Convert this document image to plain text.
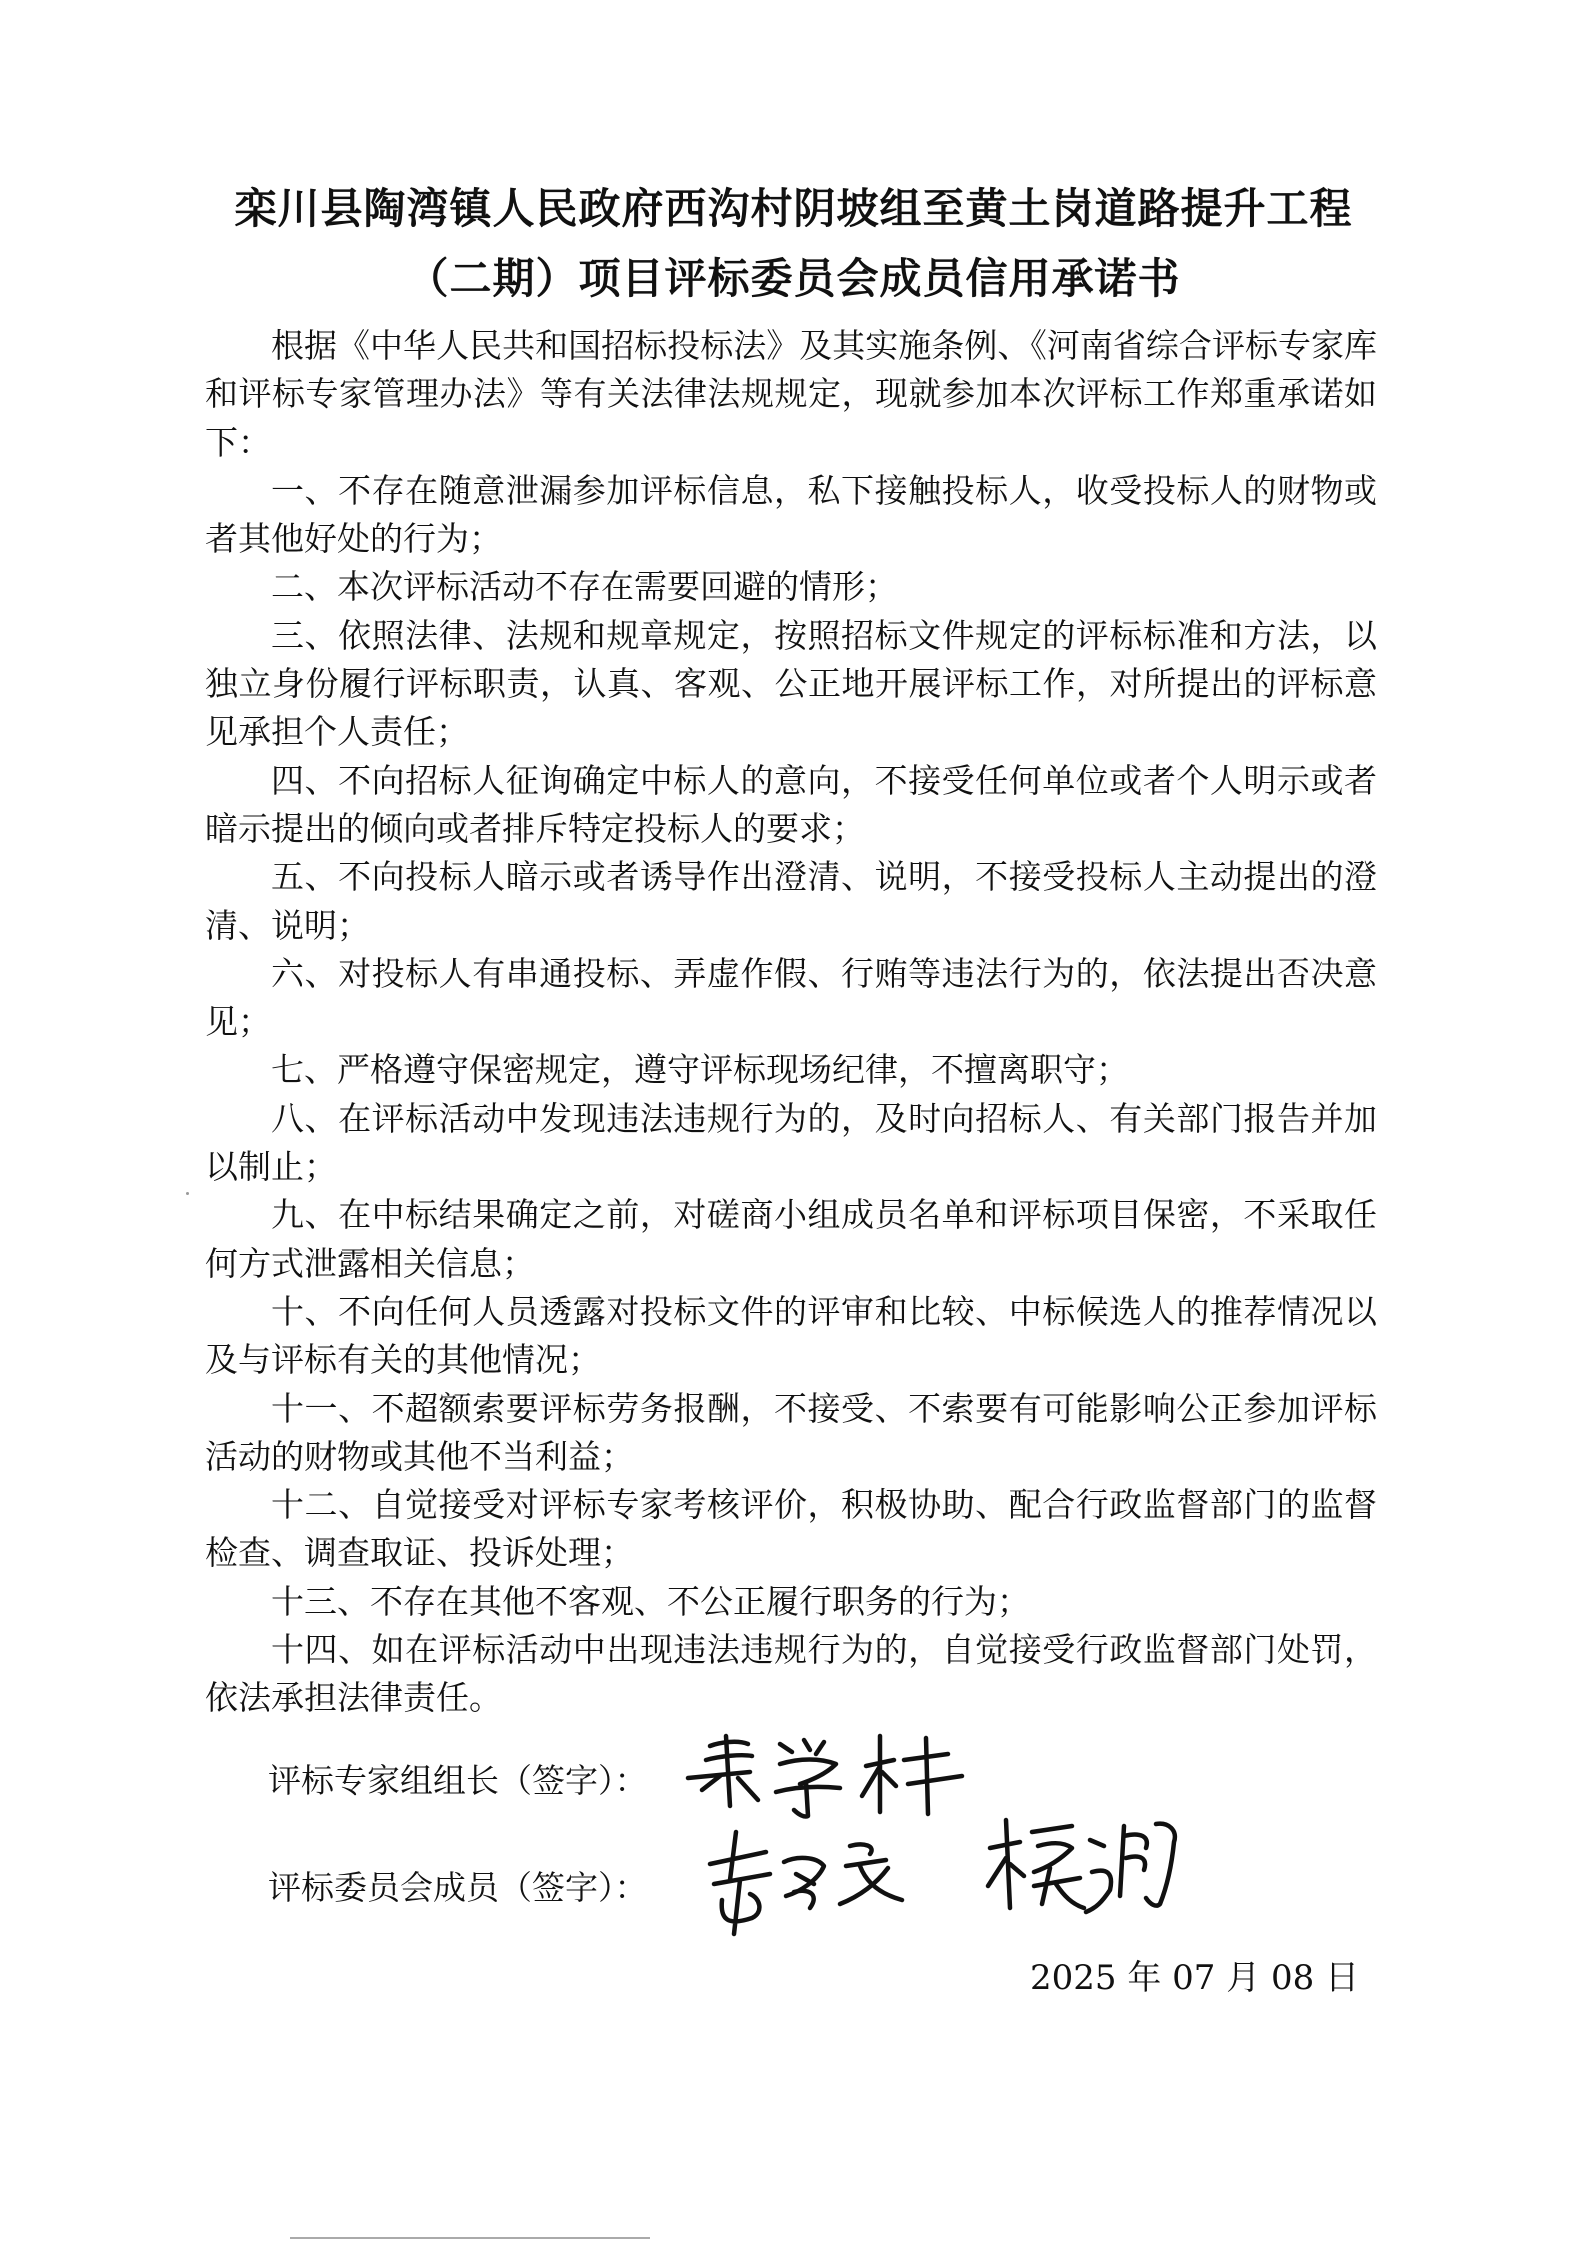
栾川县陶湾镇人民政府西沟村阴坡组至黄土岗道路提升工程
（二期）项目评标委员会成员信用承诺书

根据《中华人民共和国招标投标法》及其实施条例、《河南省综合评标专家库和评标专家管理办法》等有关法律法规规定，现就参加本次评标工作郑重承诺如下：

一、不存在随意泄漏参加评标信息，私下接触投标人，收受投标人的财物或者其他好处的行为；

二、本次评标活动不存在需要回避的情形；

三、依照法律、法规和规章规定，按照招标文件规定的评标标准和方法，以独立身份履行评标职责，认真、客观、公正地开展评标工作，对所提出的评标意见承担个人责任；

四、不向招标人征询确定中标人的意向，不接受任何单位或者个人明示或者暗示提出的倾向或者排斥特定投标人的要求；

五、不向投标人暗示或者诱导作出澄清、说明，不接受投标人主动提出的澄清、说明；

六、对投标人有串通投标、弄虚作假、行贿等违法行为的，依法提出否决意见；

七、严格遵守保密规定，遵守评标现场纪律，不擅离职守；

八、在评标活动中发现违法违规行为的，及时向招标人、有关部门报告并加以制止；

九、在中标结果确定之前，对磋商小组成员名单和评标项目保密，不采取任何方式泄露相关信息；

十、不向任何人员透露对投标文件的评审和比较、中标候选人的推荐情况以及与评标有关的其他情况；

十一、不超额索要评标劳务报酬，不接受、不索要有可能影响公正参加评标活动的财物或其他不当利益；

十二、自觉接受对评标专家考核评价，积极协助、配合行政监督部门的监督检查、调查取证、投诉处理；

十三、不存在其他不客观、不公正履行职务的行为；

十四、如在评标活动中出现违法违规行为的，自觉接受行政监督部门处罚，依法承担法律责任。

评标专家组组长（签字）：
评标委员会成员（签字）：
2025 年 07 月 08 日
